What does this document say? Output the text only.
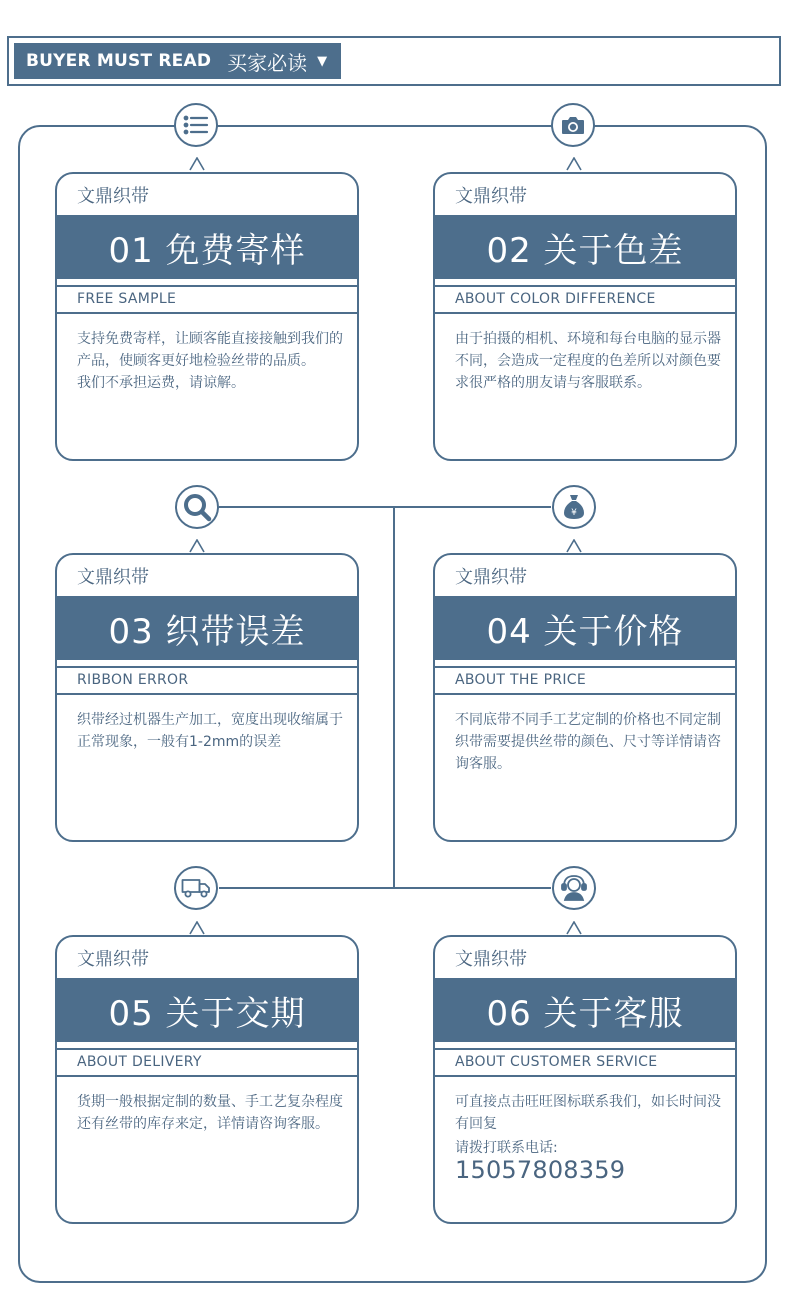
BUYER MUST READ 买家必读 ▼
¥
文鼎织带
01 免费寄样
FREE SAMPLE

支持免费寄样，让顾客能直接接触到我们的产品，使顾客更好地检验丝带的品质。

我们不承担运费，请谅解。

文鼎织带
02 关于色差
ABOUT COLOR DIFFERENCE

由于拍摄的相机、环境和每台电脑的显示器不同，会造成一定程度的色差所以对颜色要求很严格的朋友请与客服联系。

文鼎织带
03 织带误差
RIBBON ERROR

织带经过机器生产加工，宽度出现收缩属于正常现象，一般有1-2mm的误差

文鼎织带
04 关于价格
ABOUT THE PRICE

不同底带不同手工艺定制的价格也不同定制织带需要提供丝带的颜色、尺寸等详情请咨询客服。

文鼎织带
05 关于交期
ABOUT DELIVERY

货期一般根据定制的数量、手工艺复杂程度还有丝带的库存来定，详情请咨询客服。

文鼎织带
06 关于客服
ABOUT CUSTOMER SERVICE

可直接点击旺旺图标联系我们，如长时间没有回复

请拨打联系电话: 15057808359
